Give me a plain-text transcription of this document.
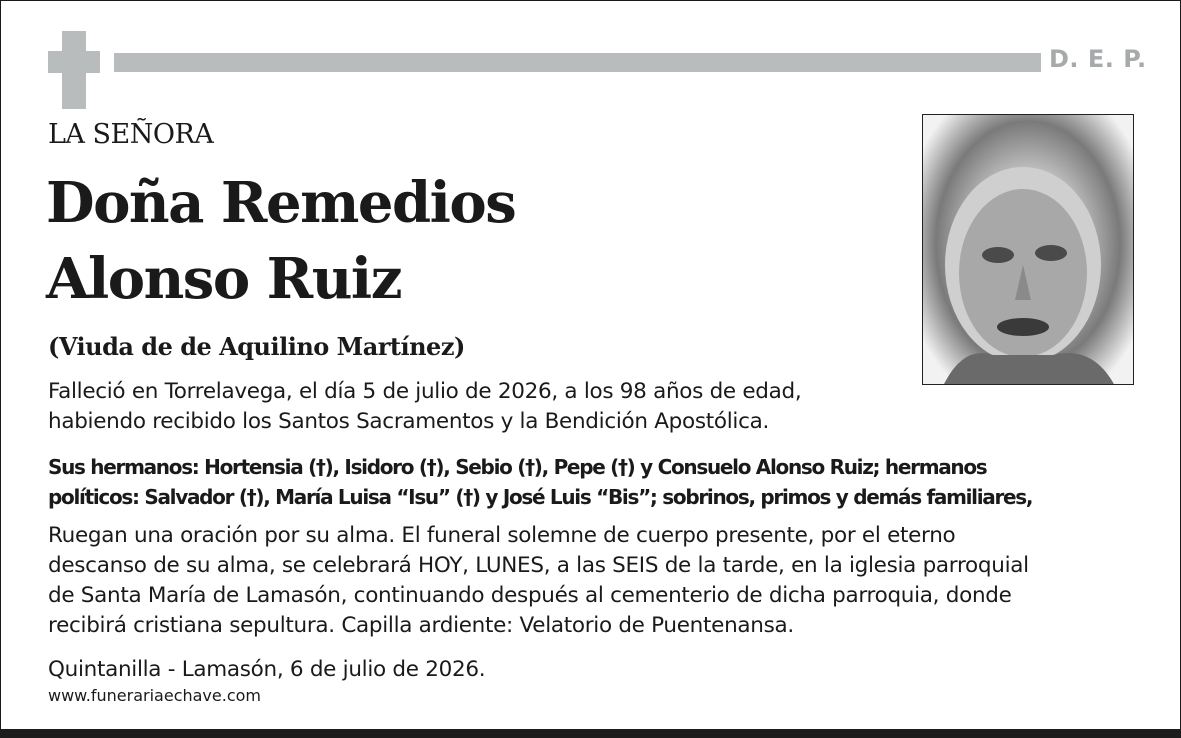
D. E. P.
LA SEÑORA
Doña Remedios
Alonso Ruiz
(Viuda de de Aquilino Martínez)
Falleció en Torrelavega, el día 5 de julio de 2026, a los 98 años de edad,
habiendo recibido los Santos Sacramentos y la Bendición Apostólica.
Sus hermanos: Hortensia (†), Isidoro (†), Sebio (†), Pepe (†) y Consuelo Alonso Ruiz; hermanos
políticos: Salvador (†), María Luisa “Isu” (†) y José Luis “Bis”; sobrinos, primos y demás familiares,
Ruegan una oración por su alma. El funeral solemne de cuerpo presente, por el eterno
descanso de su alma, se celebrará HOY, LUNES, a las SEIS de la tarde, en la iglesia parroquial
de Santa María de Lamasón, continuando después al cementerio de dicha parroquia, donde
recibirá cristiana sepultura. Capilla ardiente: Velatorio de Puentenansa.
Quintanilla - Lamasón, 6 de julio de 2026.
www.funerariaechave.com
